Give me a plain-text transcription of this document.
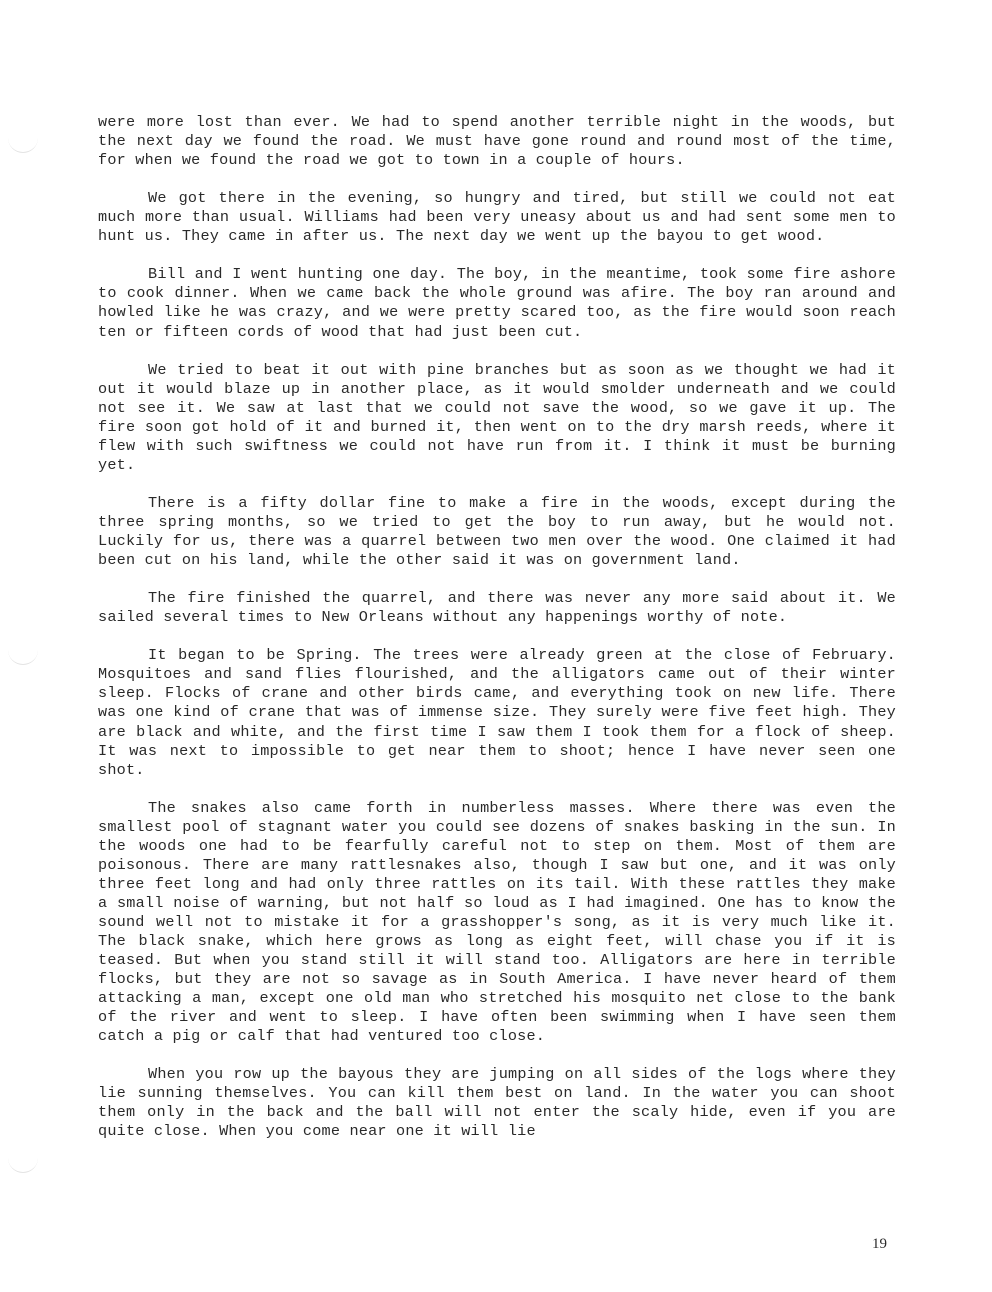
were more lost than ever. We had to spend another terrible night in the woods, but the next day we found the road. We must have gone round and round most of the time, for when we found the road we got to town in a couple of hours.

We got there in the evening, so hungry and tired, but still we could not eat much more than usual. Williams had been very uneasy about us and had sent some men to hunt us. They came in after us. The next day we went up the bayou to get wood.

Bill and I went hunting one day. The boy, in the meantime, took some fire ashore to cook dinner. When we came back the whole ground was afire. The boy ran around and howled like he was crazy, and we were pretty scared too, as the fire would soon reach ten or fifteen cords of wood that had just been cut.

We tried to beat it out with pine branches but as soon as we thought we had it out it would blaze up in another place, as it would smolder underneath and we could not see it. We saw at last that we could not save the wood, so we gave it up. The fire soon got hold of it and burned it, then went on to the dry marsh reeds, where it flew with such swiftness we could not have run from it. I think it must be burning yet.

There is a fifty dollar fine to make a fire in the woods, except during the three spring months, so we tried to get the boy to run away, but he would not. Luckily for us, there was a quarrel between two men over the wood. One claimed it had been cut on his land, while the other said it was on government land.

The fire finished the quarrel, and there was never any more said about it. We sailed several times to New Orleans without any happenings worthy of note.

It began to be Spring. The trees were already green at the close of February. Mosquitoes and sand flies flourished, and the alligators came out of their winter sleep. Flocks of crane and other birds came, and everything took on new life. There was one kind of crane that was of immense size. They surely were five feet high. They are black and white, and the first time I saw them I took them for a flock of sheep. It was next to impossible to get near them to shoot; hence I have never seen one shot.

The snakes also came forth in numberless masses. Where there was even the smallest pool of stagnant water you could see dozens of snakes basking in the sun. In the woods one had to be fearfully careful not to step on them. Most of them are poisonous. There are many rattlesnakes also, though I saw but one, and it was only three feet long and had only three rattles on its tail. With these rattles they make a small noise of warning, but not half so loud as I had imagined. One has to know the sound well not to mistake it for a grasshopper's song, as it is very much like it. The black snake, which here grows as long as eight feet, will chase you if it is teased. But when you stand still it will stand too. Alligators are here in terrible flocks, but they are not so savage as in South America. I have never heard of them attacking a man, except one old man who stretched his mosquito net close to the bank of the river and went to sleep. I have often been swimming when I have seen them catch a pig or calf that had ventured too close.

When you row up the bayous they are jumping on all sides of the logs where they lie sunning themselves. You can kill them best on land. In the water you can shoot them only in the back and the ball will not enter the scaly hide, even if you are quite close. When you come near one it will lie

19
